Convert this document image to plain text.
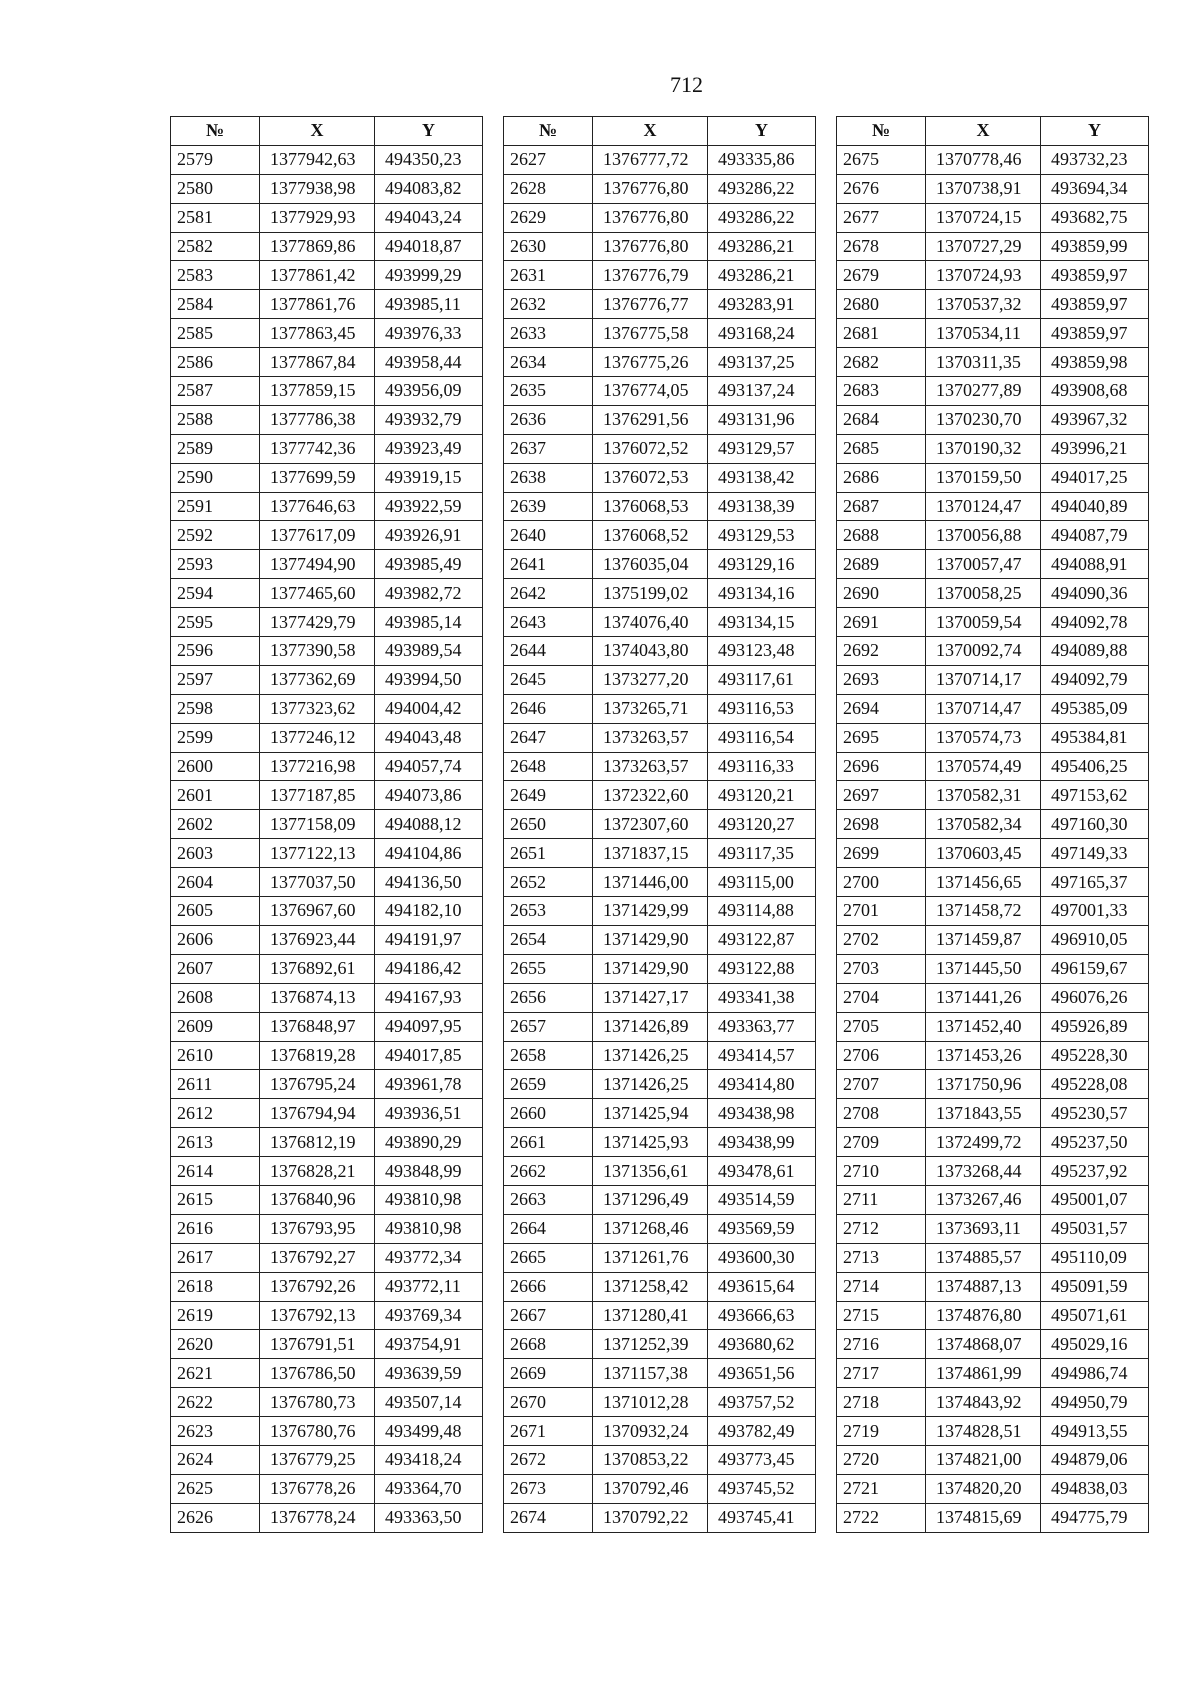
712
№	X	Y
2579	1377942,63	494350,23
2580	1377938,98	494083,82
2581	1377929,93	494043,24
2582	1377869,86	494018,87
2583	1377861,42	493999,29
2584	1377861,76	493985,11
2585	1377863,45	493976,33
2586	1377867,84	493958,44
2587	1377859,15	493956,09
2588	1377786,38	493932,79
2589	1377742,36	493923,49
2590	1377699,59	493919,15
2591	1377646,63	493922,59
2592	1377617,09	493926,91
2593	1377494,90	493985,49
2594	1377465,60	493982,72
2595	1377429,79	493985,14
2596	1377390,58	493989,54
2597	1377362,69	493994,50
2598	1377323,62	494004,42
2599	1377246,12	494043,48
2600	1377216,98	494057,74
2601	1377187,85	494073,86
2602	1377158,09	494088,12
2603	1377122,13	494104,86
2604	1377037,50	494136,50
2605	1376967,60	494182,10
2606	1376923,44	494191,97
2607	1376892,61	494186,42
2608	1376874,13	494167,93
2609	1376848,97	494097,95
2610	1376819,28	494017,85
2611	1376795,24	493961,78
2612	1376794,94	493936,51
2613	1376812,19	493890,29
2614	1376828,21	493848,99
2615	1376840,96	493810,98
2616	1376793,95	493810,98
2617	1376792,27	493772,34
2618	1376792,26	493772,11
2619	1376792,13	493769,34
2620	1376791,51	493754,91
2621	1376786,50	493639,59
2622	1376780,73	493507,14
2623	1376780,76	493499,48
2624	1376779,25	493418,24
2625	1376778,26	493364,70
2626	1376778,24	493363,50
№	X	Y
2627	1376777,72	493335,86
2628	1376776,80	493286,22
2629	1376776,80	493286,22
2630	1376776,80	493286,21
2631	1376776,79	493286,21
2632	1376776,77	493283,91
2633	1376775,58	493168,24
2634	1376775,26	493137,25
2635	1376774,05	493137,24
2636	1376291,56	493131,96
2637	1376072,52	493129,57
2638	1376072,53	493138,42
2639	1376068,53	493138,39
2640	1376068,52	493129,53
2641	1376035,04	493129,16
2642	1375199,02	493134,16
2643	1374076,40	493134,15
2644	1374043,80	493123,48
2645	1373277,20	493117,61
2646	1373265,71	493116,53
2647	1373263,57	493116,54
2648	1373263,57	493116,33
2649	1372322,60	493120,21
2650	1372307,60	493120,27
2651	1371837,15	493117,35
2652	1371446,00	493115,00
2653	1371429,99	493114,88
2654	1371429,90	493122,87
2655	1371429,90	493122,88
2656	1371427,17	493341,38
2657	1371426,89	493363,77
2658	1371426,25	493414,57
2659	1371426,25	493414,80
2660	1371425,94	493438,98
2661	1371425,93	493438,99
2662	1371356,61	493478,61
2663	1371296,49	493514,59
2664	1371268,46	493569,59
2665	1371261,76	493600,30
2666	1371258,42	493615,64
2667	1371280,41	493666,63
2668	1371252,39	493680,62
2669	1371157,38	493651,56
2670	1371012,28	493757,52
2671	1370932,24	493782,49
2672	1370853,22	493773,45
2673	1370792,46	493745,52
2674	1370792,22	493745,41
№	X	Y
2675	1370778,46	493732,23
2676	1370738,91	493694,34
2677	1370724,15	493682,75
2678	1370727,29	493859,99
2679	1370724,93	493859,97
2680	1370537,32	493859,97
2681	1370534,11	493859,97
2682	1370311,35	493859,98
2683	1370277,89	493908,68
2684	1370230,70	493967,32
2685	1370190,32	493996,21
2686	1370159,50	494017,25
2687	1370124,47	494040,89
2688	1370056,88	494087,79
2689	1370057,47	494088,91
2690	1370058,25	494090,36
2691	1370059,54	494092,78
2692	1370092,74	494089,88
2693	1370714,17	494092,79
2694	1370714,47	495385,09
2695	1370574,73	495384,81
2696	1370574,49	495406,25
2697	1370582,31	497153,62
2698	1370582,34	497160,30
2699	1370603,45	497149,33
2700	1371456,65	497165,37
2701	1371458,72	497001,33
2702	1371459,87	496910,05
2703	1371445,50	496159,67
2704	1371441,26	496076,26
2705	1371452,40	495926,89
2706	1371453,26	495228,30
2707	1371750,96	495228,08
2708	1371843,55	495230,57
2709	1372499,72	495237,50
2710	1373268,44	495237,92
2711	1373267,46	495001,07
2712	1373693,11	495031,57
2713	1374885,57	495110,09
2714	1374887,13	495091,59
2715	1374876,80	495071,61
2716	1374868,07	495029,16
2717	1374861,99	494986,74
2718	1374843,92	494950,79
2719	1374828,51	494913,55
2720	1374821,00	494879,06
2721	1374820,20	494838,03
2722	1374815,69	494775,79
